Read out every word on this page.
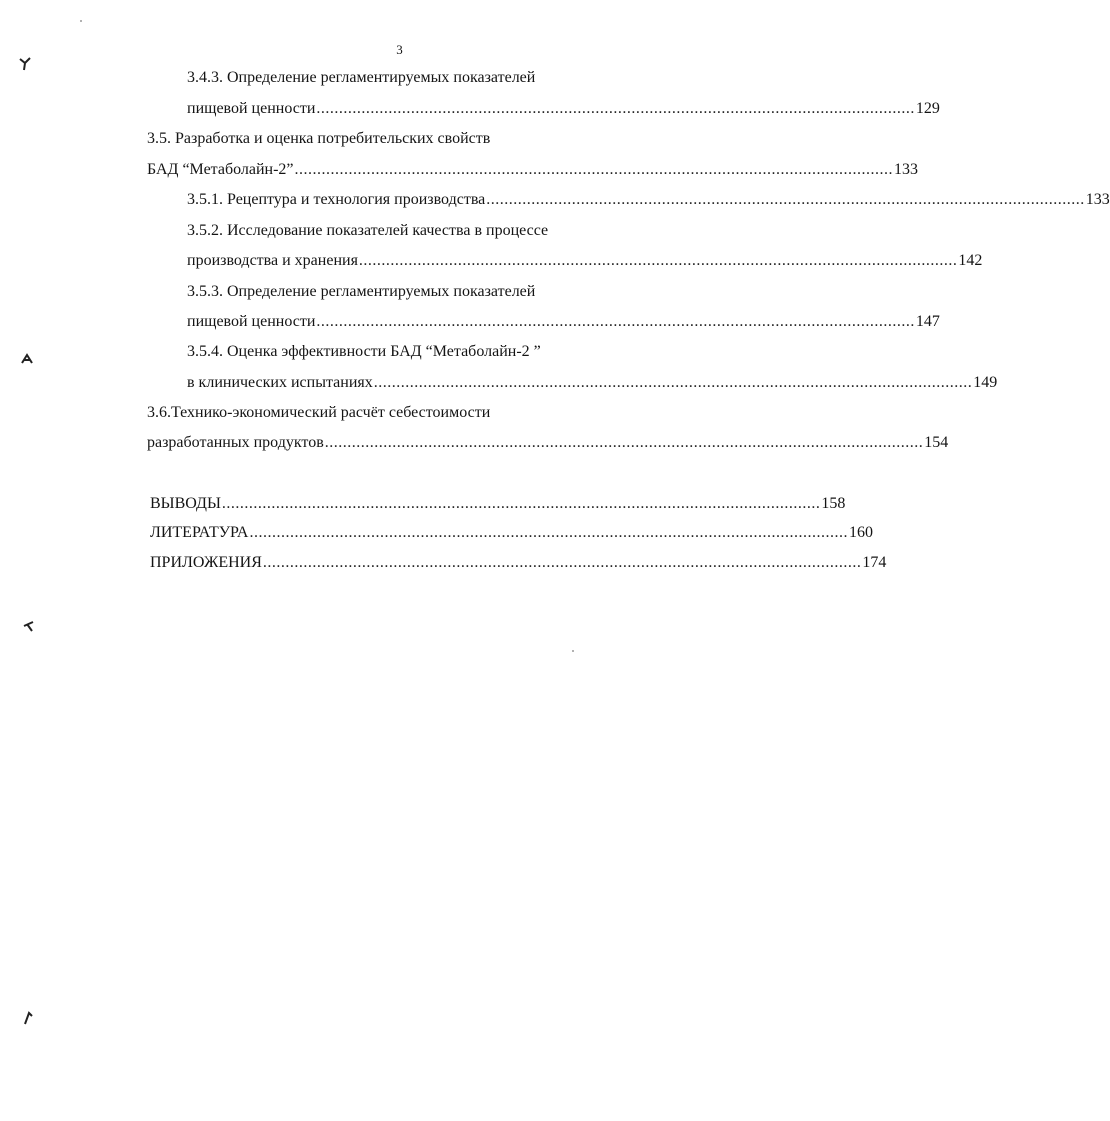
3
3.4.3. Определение регламентируемых показателей
пищевой ценности ..................................................................................................................................... 129
3.5. Разработка и оценка потребительских свойств
БАД “Метаболайн-2” ..................................................................................................................................... 133
3.5.1. Рецептура и технология производства ..................................................................................................................................... 133
3.5.2. Исследование показателей качества в процессе
производства и хранения ..................................................................................................................................... 142
3.5.3. Определение регламентируемых показателей
пищевой ценности ..................................................................................................................................... 147
3.5.4. Оценка эффективности БАД “Метаболайн-2 ”
в клинических испытаниях ..................................................................................................................................... 149
3.6.Технико-экономический расчёт себестоимости
разработанных продуктов ..................................................................................................................................... 154
ВЫВОДЫ ..................................................................................................................................... 158
ЛИТЕРАТУРА ..................................................................................................................................... 160
ПРИЛОЖЕНИЯ ..................................................................................................................................... 174
